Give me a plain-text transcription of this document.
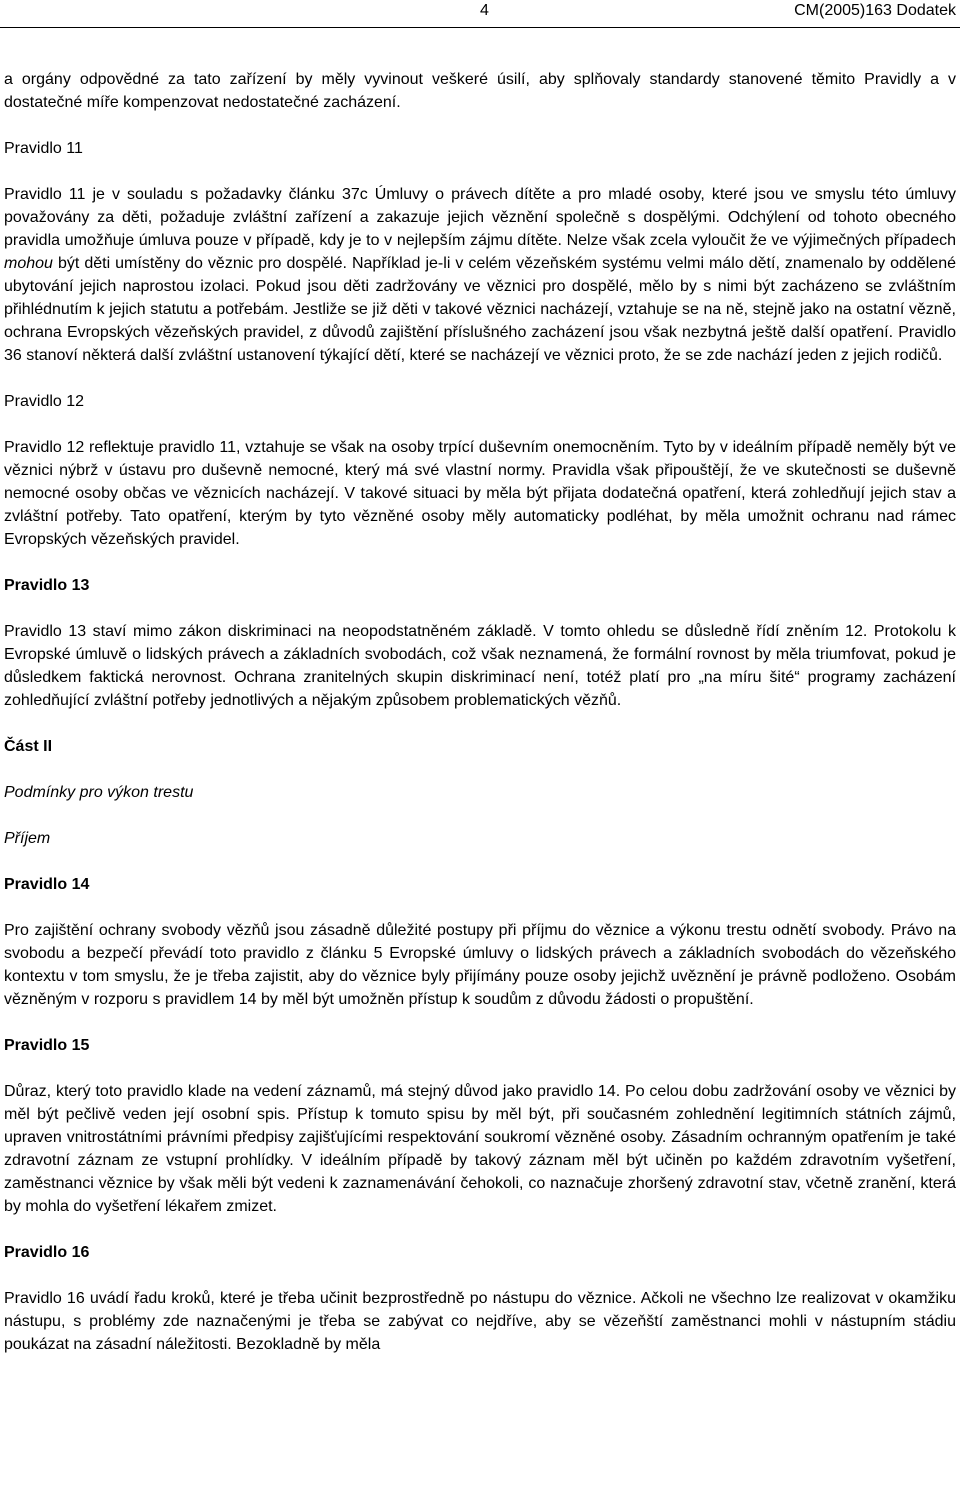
4	CM(2005)163 Dodatek

a orgány odpovědné za tato zařízení by měly vyvinout veškeré úsilí, aby splňovaly standardy stanovené těmito Pravidly a v dostatečné míře kompenzovat nedostatečné zacházení.

Pravidlo 11

Pravidlo 11 je v souladu s požadavky článku 37c Úmluvy o právech dítěte a pro mladé osoby, které jsou ve smyslu této úmluvy považovány za děti, požaduje zvláštní zařízení a zakazuje jejich věznění společně s dospělými. Odchýlení od tohoto obecného pravidla umožňuje úmluva pouze v případě, kdy je to v nejlepším zájmu dítěte. Nelze však zcela vyloučit že ve výjimečných případech mohou být děti umístěny do věznic pro dospělé. Například je-li v celém vězeňském systému velmi málo dětí, znamenalo by oddělené ubytování jejich naprostou izolaci. Pokud jsou děti zadržovány ve věznici pro dospělé, mělo by s nimi být zacházeno se zvláštním přihlédnutím k jejich statutu a potřebám. Jestliže se již děti v takové věznici nacházejí, vztahuje se na ně, stejně jako na ostatní vězně, ochrana Evropských vězeňských pravidel, z důvodů zajištění příslušného zacházení jsou však nezbytná ještě další opatření. Pravidlo 36 stanoví některá další zvláštní ustanovení týkající dětí, které se nacházejí ve věznici proto, že se zde nachází jeden z jejich rodičů.

Pravidlo 12

Pravidlo 12 reflektuje pravidlo 11, vztahuje se však na osoby trpící duševním onemocněním. Tyto by v ideálním případě neměly být ve věznici nýbrž v ústavu pro duševně nemocné, který má své vlastní normy. Pravidla však připouštějí, že ve skutečnosti se duševně nemocné osoby občas ve věznicích nacházejí. V takové situaci by měla být přijata dodatečná opatření, která zohledňují jejich stav a zvláštní potřeby. Tato opatření, kterým by tyto vězněné osoby měly automaticky podléhat, by měla umožnit ochranu nad rámec Evropských vězeňských pravidel.

Pravidlo 13

Pravidlo 13 staví mimo zákon diskriminaci na neopodstatněném základě. V tomto ohledu se důsledně řídí zněním 12. Protokolu k Evropské úmluvě o lidských právech a základních svobodách, což však neznamená, že formální rovnost by měla triumfovat, pokud je důsledkem faktická nerovnost. Ochrana zranitelných skupin diskriminací není, totéž platí pro „na míru šité“ programy zacházení zohledňující zvláštní potřeby jednotlivých a nějakým způsobem problematických vězňů.

Část II
Podmínky pro výkon trestu
Příjem
Pravidlo 14

Pro zajištění ochrany svobody vězňů jsou zásadně důležité postupy při příjmu do věznice a výkonu trestu odnětí svobody. Právo na svobodu a bezpečí převádí toto pravidlo z článku 5 Evropské úmluvy o lidských právech a základních svobodách do vězeňského kontextu v tom smyslu, že je třeba zajistit, aby do věznice byly přijímány pouze osoby jejichž uvěznění je právně podloženo. Osobám vězněným v rozporu s pravidlem 14 by měl být umožněn přístup k soudům z důvodu žádosti o propuštění.

Pravidlo 15

Důraz, který toto pravidlo klade na vedení záznamů, má stejný důvod jako pravidlo 14. Po celou dobu zadržování osoby ve věznici by měl být pečlivě veden její osobní spis. Přístup k tomuto spisu by měl být, při současném zohlednění legitimních státních zájmů, upraven vnitrostátními právními předpisy zajišťujícími respektování soukromí vězněné osoby. Zásadním ochranným opatřením je také zdravotní záznam ze vstupní prohlídky. V ideálním případě by takový záznam měl být učiněn po každém zdravotním vyšetření, zaměstnanci věznice by však měli být vedeni k zaznamenávání čehokoli, co naznačuje zhoršený zdravotní stav, včetně zranění, která by mohla do vyšetření lékařem zmizet.

Pravidlo 16

Pravidlo 16 uvádí řadu kroků, které je třeba učinit bezprostředně po nástupu do věznice. Ačkoli ne všechno lze realizovat v okamžiku nástupu, s problémy zde naznačenými je třeba se zabývat co nejdříve, aby se vězeňští zaměstnanci mohli v nástupním stádiu poukázat na zásadní náležitosti. Bezokladně by měla
